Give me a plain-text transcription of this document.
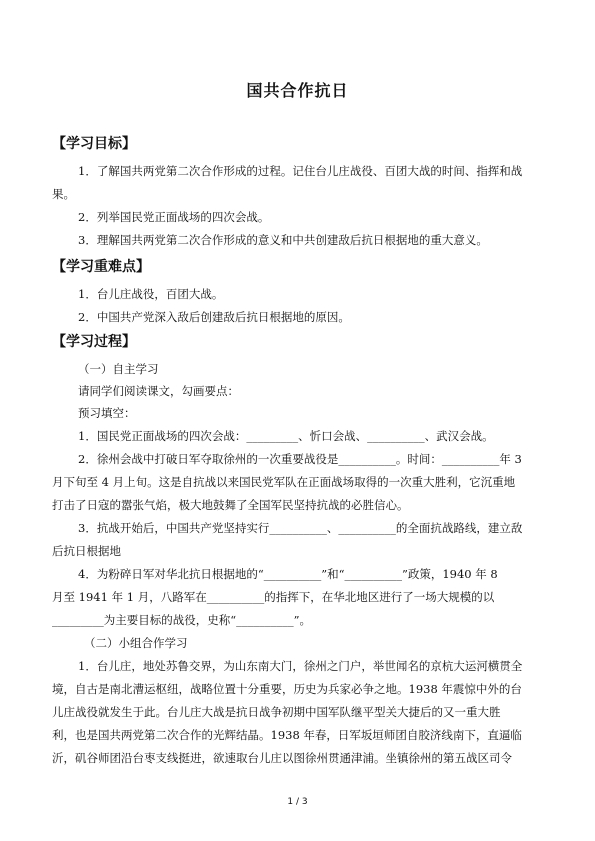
国共合作抗日
【学习目标】
1．了解国共两党第二次合作形成的过程。记住台儿庄战役、百团大战的时间、指挥和战
果。
2．列举国民党正面战场的四次会战。
3．理解国共两党第二次合作形成的意义和中共创建敌后抗日根据地的重大意义。
【学习重难点】
1．台儿庄战役，百团大战。
2．中国共产党深入敌后创建敌后抗日根据地的原因。
【学习过程】
（一）自主学习
请同学们阅读课文，勾画要点：
预习填空：
1．国民党正面战场的四次会战：_________、忻口会战、__________、武汉会战。
2．徐州会战中打破日军夺取徐州的一次重要战役是__________。时间：__________年 3
月下旬至 4 月上旬。这是自抗战以来国民党军队在正面战场取得的一次重大胜利，它沉重地
打击了日寇的嚣张气焰，极大地鼓舞了全国军民坚持抗战的必胜信心。
3．抗战开始后，中国共产党坚持实行__________、__________的全面抗战路线，建立敌
后抗日根据地
4．为粉碎日军对华北抗日根据地的“__________”和“__________”政策，1940 年 8
月至 1941 年 1 月，八路军在__________的指挥下，在华北地区进行了一场大规模的以
_________为主要目标的战役，史称“__________”。
（二）小组合作学习
1．台儿庄，地处苏鲁交界，为山东南大门，徐州之门户，举世闻名的京杭大运河横贯全
境，自古是南北漕运枢纽，战略位置十分重要，历史为兵家必争之地。1938 年震惊中外的台
儿庄战役就发生于此。台儿庄大战是抗日战争初期中国军队继平型关大捷后的又一重大胜
利，也是国共两党第二次合作的光辉结晶。1938 年春，日军坂垣师团自胶济线南下，直逼临
沂，矶谷师团沿台枣支线挺进，欲速取台儿庄以图徐州贯通津浦。坐镇徐州的第五战区司令
1 / 3
